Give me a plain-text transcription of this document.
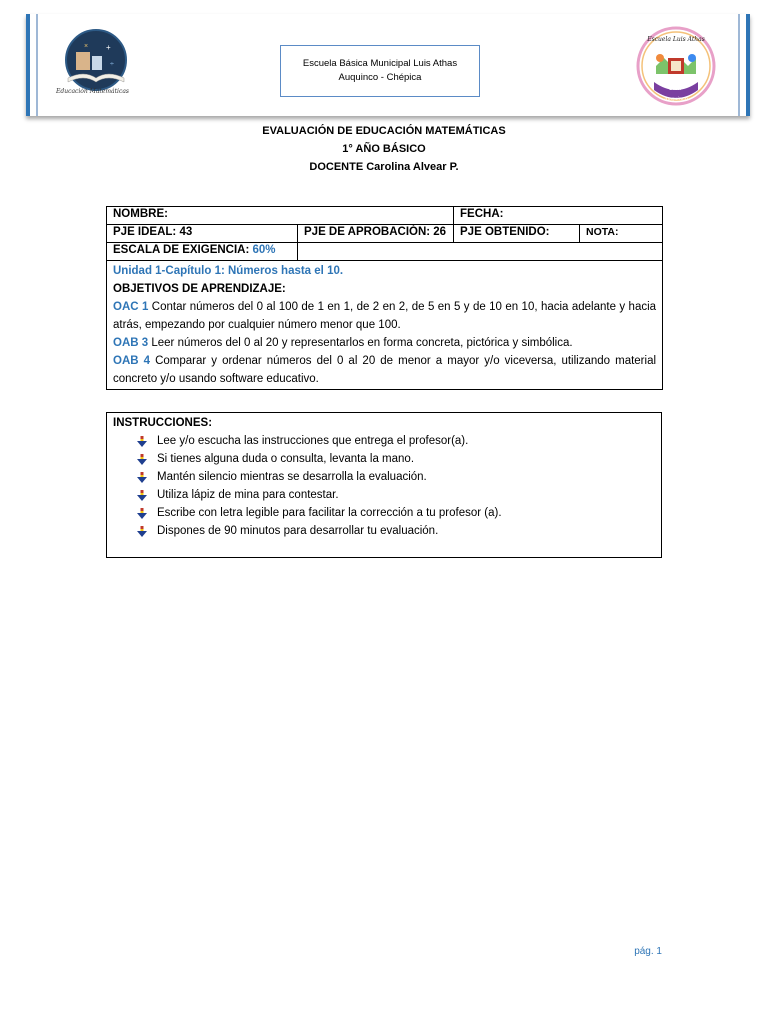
+
×
÷
Educación Matemáticas
Escuela Básica Municipal Luis Athas
Auquinco - Chépica
Escuela Luis Athas
U.T.P
Auquinco
EVALUACIÓN DE EDUCACIÓN MATEMÁTICAS
1° AÑO BÁSICO
DOCENTE Carolina Alvear P.
NOMBRE:		FECHA:	
PJE IDEAL: 43	PJE DE APROBACIÓN: 26	PJE OBTENIDO:	NOTA:
ESCALA DE EXIGENCIA: 60%			

Unidad 1-Capítulo 1: Números hasta el 10.
OBJETIVOS DE APRENDIZAJE:

OAC 1 Contar números del 0 al 100 de 1 en 1, de 2 en 2, de 5 en 5 y de 10 en 10, hacia adelante y hacia atrás, empezando por cualquier número menor que 100.

OAB 3 Leer números del 0 al 20 y representarlos en forma concreta, pictórica y simbólica.

OAB 4 Comparar y ordenar números del 0 al 20 de menor a mayor y/o viceversa, utilizando material concreto y/o usando software educativo.			

INSTRUCCIONES:
Lee y/o escucha las instrucciones que entrega el profesor(a).
Si tienes alguna duda o consulta, levanta la mano.
Mantén silencio mientras se desarrolla la evaluación.
Utiliza lápiz de mina para contestar.
Escribe con letra legible para facilitar la corrección a tu profesor (a).
Dispones de 90 minutos para desarrollar tu evaluación.
pág. 1
